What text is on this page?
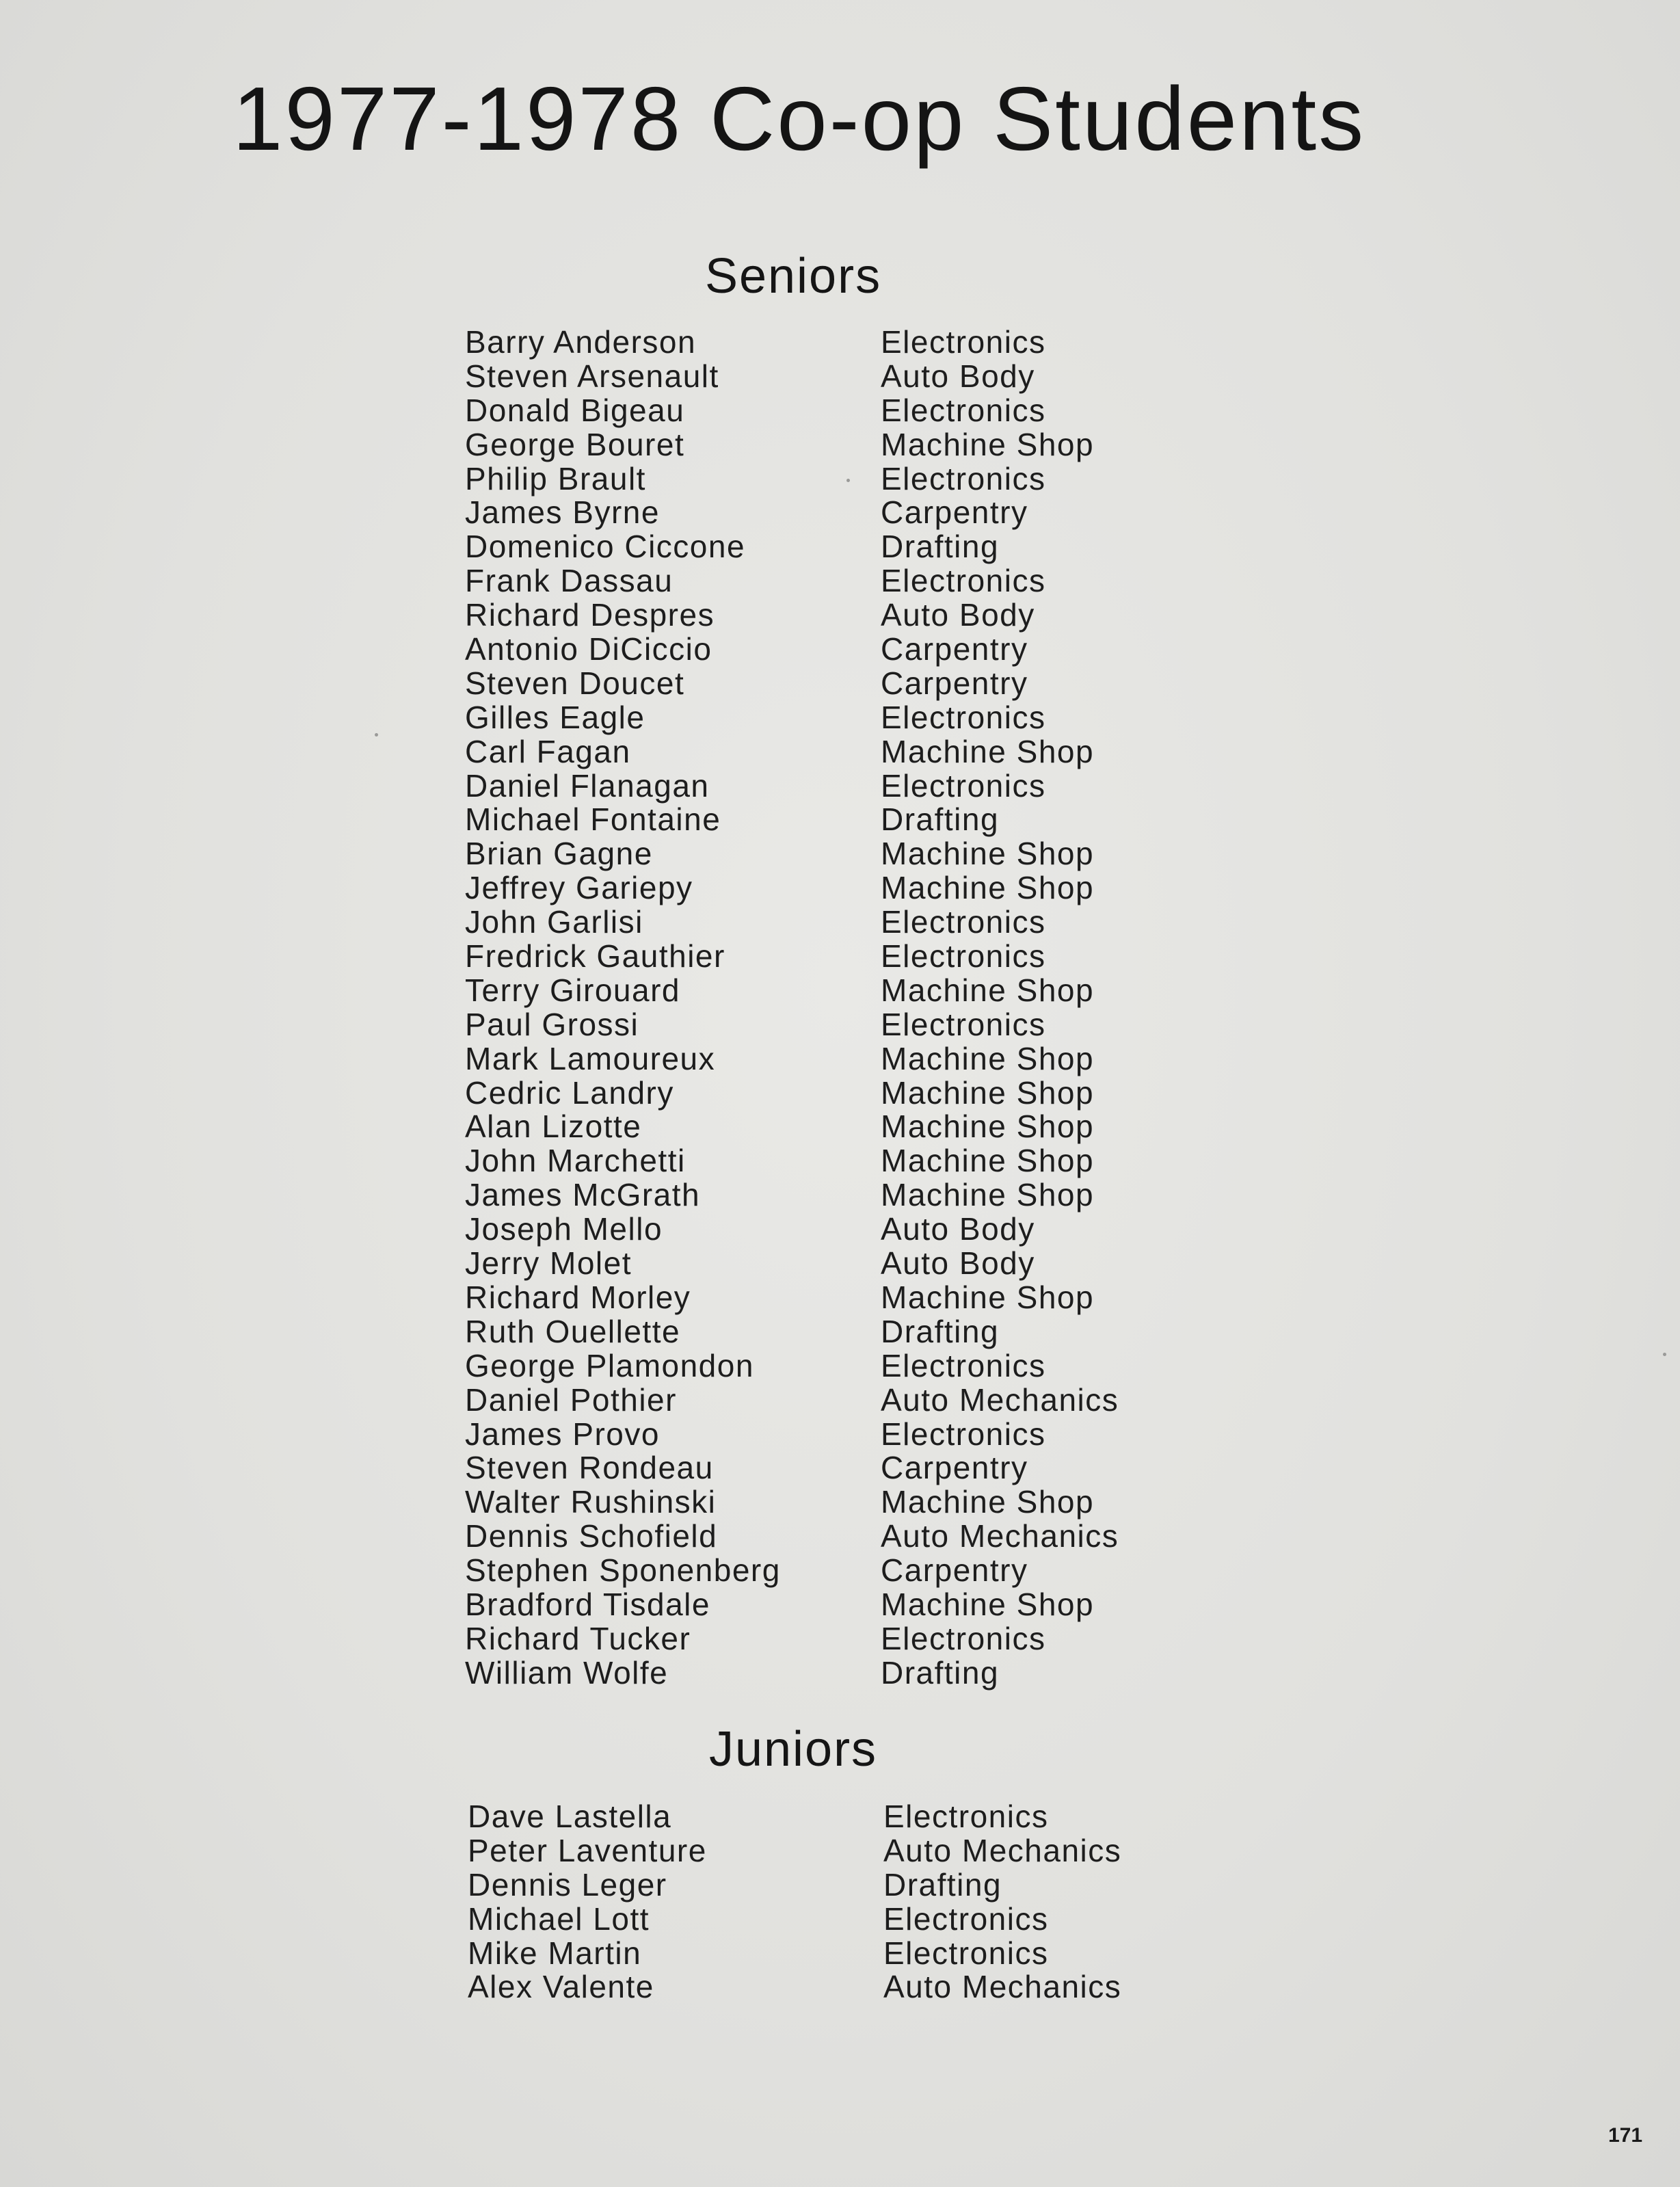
1977-1978 Co-op Students
Seniors
Barry Anderson	Electronics
Steven Arsenault	Auto Body
Donald Bigeau	Electronics
George Bouret	Machine Shop
Philip Brault	Electronics
James Byrne	Carpentry
Domenico Ciccone	Drafting
Frank Dassau	Electronics
Richard Despres	Auto Body
Antonio DiCiccio	Carpentry
Steven Doucet	Carpentry
Gilles Eagle	Electronics
Carl Fagan	Machine Shop
Daniel Flanagan	Electronics
Michael Fontaine	Drafting
Brian Gagne	Machine Shop
Jeffrey Gariepy	Machine Shop
John Garlisi	Electronics
Fredrick Gauthier	Electronics
Terry Girouard	Machine Shop
Paul Grossi	Electronics
Mark Lamoureux	Machine Shop
Cedric Landry	Machine Shop
Alan Lizotte	Machine Shop
John Marchetti	Machine Shop
James McGrath	Machine Shop
Joseph Mello	Auto Body
Jerry Molet	Auto Body
Richard Morley	Machine Shop
Ruth Ouellette	Drafting
George Plamondon	Electronics
Daniel Pothier	Auto Mechanics
James Provo	Electronics
Steven Rondeau	Carpentry
Walter Rushinski	Machine Shop
Dennis Schofield	Auto Mechanics
Stephen Sponenberg	Carpentry
Bradford Tisdale	Machine Shop
Richard Tucker	Electronics
William Wolfe	Drafting
Juniors
Dave Lastella	Electronics
Peter Laventure	Auto Mechanics
Dennis Leger	Drafting
Michael Lott	Electronics
Mike Martin	Electronics
Alex Valente	Auto Mechanics
171
